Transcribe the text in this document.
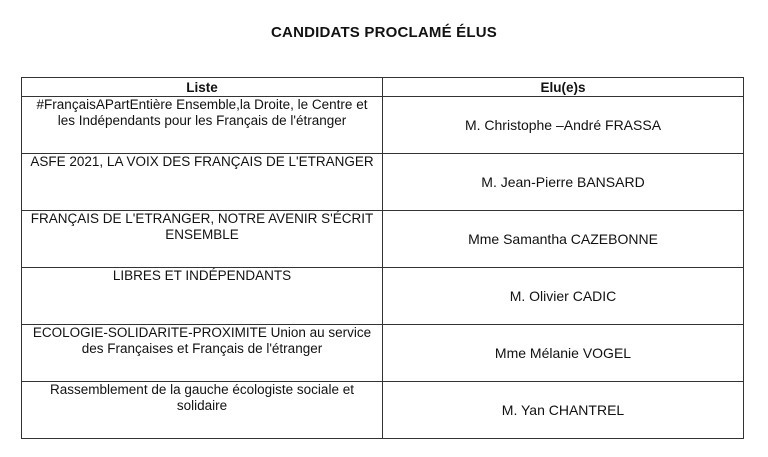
CANDIDATS PROCLAMÉ ÉLUS
Liste	Elu(e)s
#FrançaisAPartEntière Ensemble,la Droite, le Centre et les Indépendants pour les Français de l'étranger	M. Christophe –André FRASSA
ASFE 2021, LA VOIX DES FRANÇAIS DE L'ETRANGER	M. Jean-Pierre BANSARD
FRANÇAIS DE L'ETRANGER, NOTRE AVENIR S'ÉCRIT ENSEMBLE	Mme Samantha CAZEBONNE
LIBRES ET INDÉPENDANTS	M. Olivier CADIC
ECOLOGIE-SOLIDARITE-PROXIMITE Union au service des Françaises et Français de l'étranger	Mme Mélanie VOGEL
Rassemblement de la gauche écologiste sociale et solidaire	M. Yan CHANTREL
